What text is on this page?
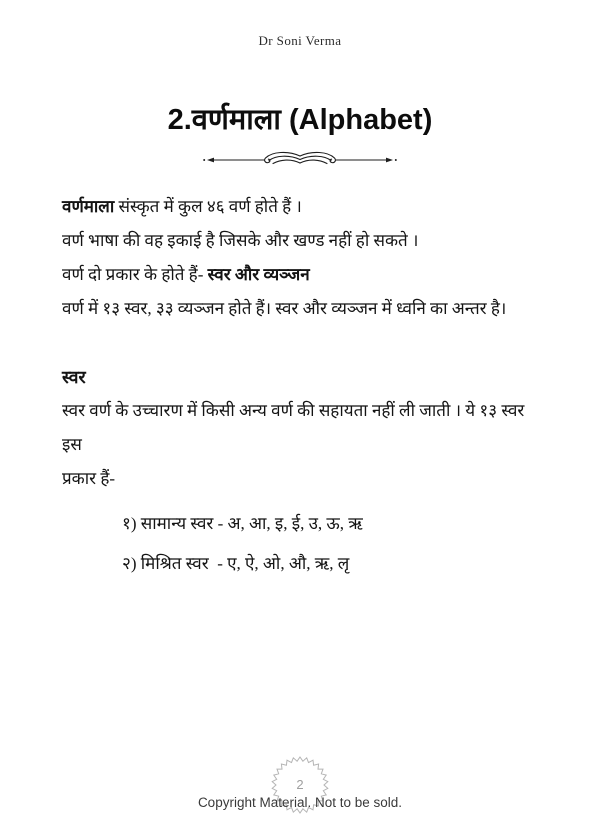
Dr Soni Verma
2.वर्णमाला (Alphabet)

वर्णमाला संस्कृत में कुल ४६ वर्ण होते हैं ।

वर्ण भाषा की वह इकाई है जिसके और खण्ड नहीं हो सकते ।

वर्ण दो प्रकार के होते हैं- स्वर और व्यञ्जन

वर्ण में १३ स्वर, ३३ व्यञ्जन होते हैं। स्वर और व्यञ्जन में ध्वनि का अन्तर है।

स्वर

स्वर वर्ण के उच्चारण में किसी अन्य वर्ण की सहायता नहीं ली जाती । ये १३ स्वर इस

प्रकार हैं-

१) सामान्य स्वर - अ, आ, इ, ई, उ, ऊ, ऋ
२) मिश्रित स्वर  - ए, ऐ, ओ, औ, ऋ, लृ
2
Copyright Material. Not to be sold.
